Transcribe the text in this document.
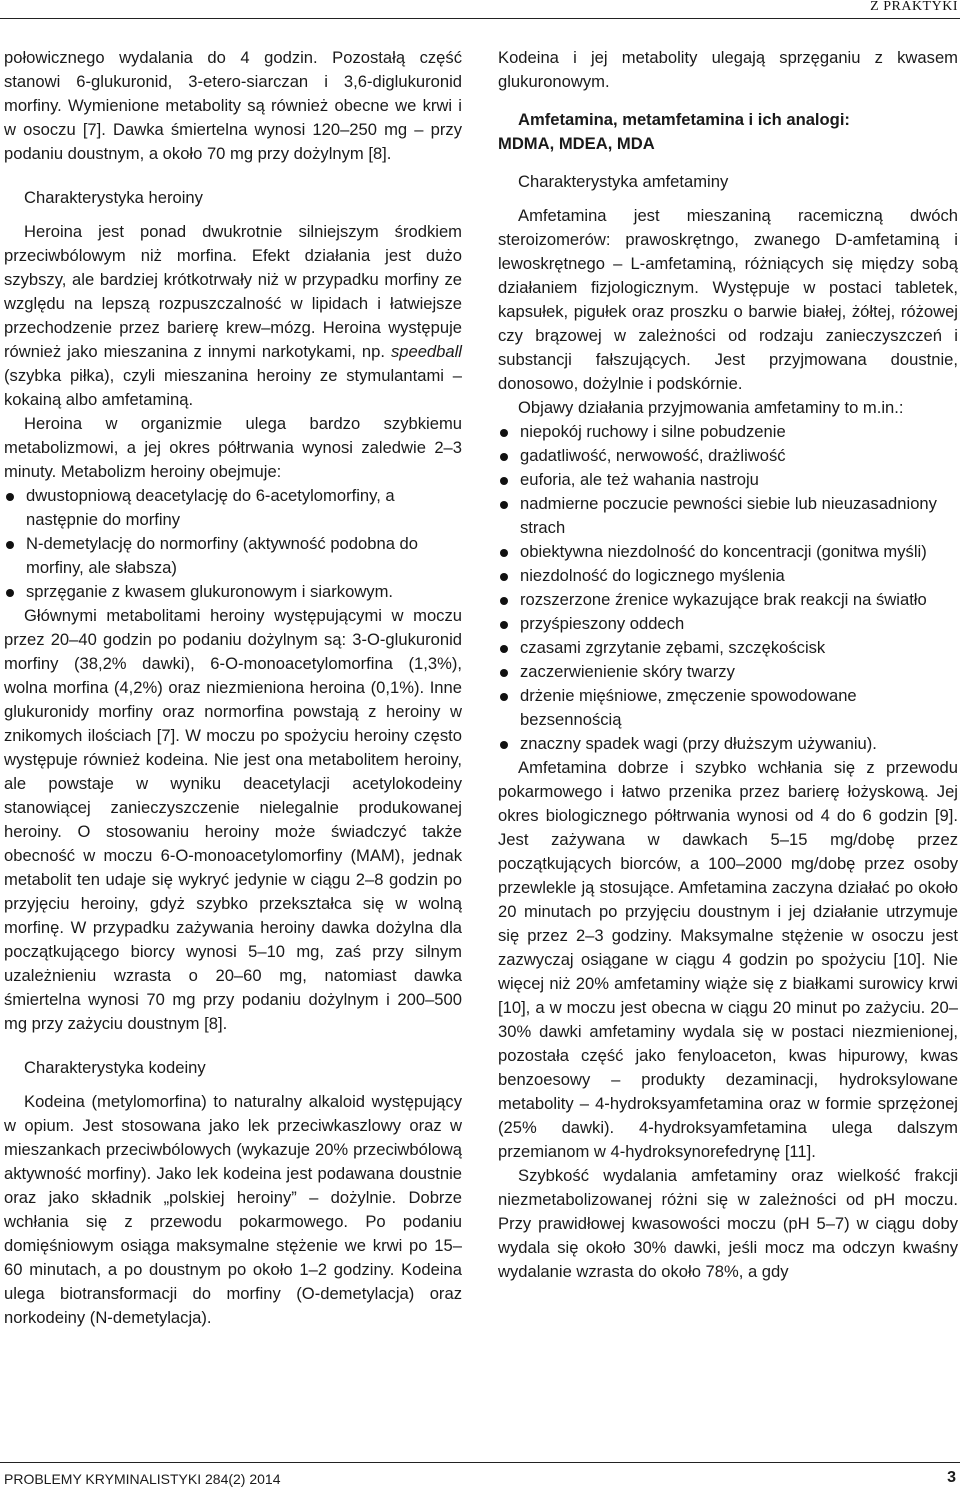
Z PRAKTYKI

połowicznego wydalania do 4 godzin. Pozostałą część stanowi 6-glukuronid, 3-etero-siarczan i 3,6-diglukuronid morfiny. Wymienione metabolity są również obecne we krwi i w osoczu [7]. Dawka śmiertelna wynosi 120–250 mg – przy podaniu doustnym, a około 70 mg przy dożylnym [8].

Charakterystyka heroiny

Heroina jest ponad dwukrotnie silniejszym środkiem przeciwbólowym niż morfina. Efekt działania jest dużo szybszy, ale bardziej krótkotrwały niż w przypadku morfiny ze względu na lepszą rozpuszczalność w lipidach i łatwiejsze przechodzenie przez barierę krew–mózg. Heroina występuje również jako mieszanina z innymi narkotykami, np. speedball (szybka piłka), czyli mieszanina heroiny ze stymulantami – kokainą albo amfetaminą.

Heroina w organizmie ulega bardzo szybkiemu metabolizmowi, a jej okres półtrwania wynosi zaledwie 2–3 minuty. Metabolizm heroiny obejmuje:

dwustopniową deacetylację do 6-acetylomorfiny, a następnie do morfiny
N-demetylację do normorfiny (aktywność podobna do morfiny, ale słabsza)
sprzęganie z kwasem glukuronowym i siarkowym.

Głównymi metabolitami heroiny występującymi w moczu przez 20–40 godzin po podaniu dożylnym są: 3-O-glukuronid morfiny (38,2% dawki), 6-O-monoacetylomorfina (1,3%), wolna morfina (4,2%) oraz niezmieniona heroina (0,1%). Inne glukuronidy morfiny oraz normorfina powstają z heroiny w znikomych ilościach [7]. W moczu po spożyciu heroiny często występuje również kodeina. Nie jest ona metabolitem heroiny, ale powstaje w wyniku deacetylacji acetylokodeiny stanowiącej zanieczyszczenie nielegalnie produkowanej heroiny. O stosowaniu heroiny może świadczyć także obecność w moczu 6-O-monoacetylomorfiny (MAM), jednak metabolit ten udaje się wykryć jedynie w ciągu 2–8 godzin po przyjęciu heroiny, gdyż szybko przekształca się w wolną morfinę. W przypadku zażywania heroiny dawka dożylna dla początkującego biorcy wynosi 5–10 mg, zaś przy silnym uzależnieniu wzrasta o 20–60 mg, natomiast dawka śmiertelna wynosi 70 mg przy podaniu dożylnym i 200–500 mg przy zażyciu doustnym [8].

Charakterystyka kodeiny

Kodeina (metylomorfina) to naturalny alkaloid występujący w opium. Jest stosowana jako lek przeciwkaszlowy oraz w mieszankach przeciwbólowych (wykazuje 20% przeciwbólową aktywność morfiny). Jako lek kodeina jest podawana doustnie oraz jako składnik „polskiej heroiny” – dożylnie. Dobrze wchłania się z przewodu pokarmowego. Po podaniu domięśniowym osiąga maksymalne stężenie we krwi po 15–60 minutach, a po doustnym po około 1–2 godziny. Kodeina ulega biotransformacji do morfiny (O-demetylacja) oraz norkodeiny (N-demetylacja).

Kodeina i jej metabolity ulegają sprzęganiu z kwasem glukuronowym.

Amfetamina, metamfetamina i ich analogi:
MDMA, MDEA, MDA
Charakterystyka amfetaminy

Amfetamina jest mieszaniną racemiczną dwóch steroizomerów: prawoskrętngo, zwanego D-amfetaminą i lewoskrętnego – L-amfetaminą, różniących się między sobą działaniem fizjologicznym. Występuje w postaci tabletek, kapsułek, pigułek oraz proszku o barwie białej, żółtej, różowej czy brązowej w zależności od rodzaju zanieczyszczeń i substancji fałszujących. Jest przyjmowana doustnie, donosowo, dożylnie i podskórnie.

Objawy działania przyjmowania amfetaminy to m.in.:

niepokój ruchowy i silne pobudzenie
gadatliwość, nerwowość, drażliwość
euforia, ale też wahania nastroju
nadmierne poczucie pewności siebie lub nieuzasadniony strach
obiektywna niezdolność do koncentracji (gonitwa myśli)
niezdolność do logicznego myślenia
rozszerzone źrenice wykazujące brak reakcji na światło
przyśpieszony oddech
czasami zgrzytanie zębami, szczękościsk
zaczerwienienie skóry twarzy
drżenie mięśniowe, zmęczenie spowodowane bezsennością
znaczny spadek wagi (przy dłuższym używaniu).

Amfetamina dobrze i szybko wchłania się z przewodu pokarmowego i łatwo przenika przez barierę łożyskową. Jej okres biologicznego półtrwania wynosi od 4 do 6 godzin [9]. Jest zażywana w dawkach 5–15 mg/dobę przez początkujących biorców, a 100–2000 mg/dobę przez osoby przewlekle ją stosujące. Amfetamina zaczyna działać po około 20 minutach po przyjęciu doustnym i jej działanie utrzymuje się przez 2–3 godziny. Maksymalne stężenie w osoczu jest zazwyczaj osiągane w ciągu 4 godzin po spożyciu [10]. Nie więcej niż 20% amfetaminy wiąże się z białkami surowicy krwi [10], a w moczu jest obecna w ciągu 20 minut po zażyciu. 20–30% dawki amfetaminy wydala się w postaci niezmienionej, pozostała część jako fenyloaceton, kwas hipurowy, kwas benzoesowy – produkty dezaminacji, hydroksylowane metabolity – 4-hydroksyamfetamina oraz w formie sprzężonej (25% dawki). 4-hydroksyamfetamina ulega dalszym przemianom w 4-hydroksynorefedrynę [11].

Szybkość wydalania amfetaminy oraz wielkość frakcji niezmetabolizowanej różni się w zależności od pH moczu. Przy prawidłowej kwasowości moczu (pH 5–7) w ciągu doby wydala się około 30% dawki, jeśli mocz ma odczyn kwaśny wydalanie wzrasta do około 78%, a gdy

PROBLEMY KRYMINALISTYKI 284(2) 2014	3
